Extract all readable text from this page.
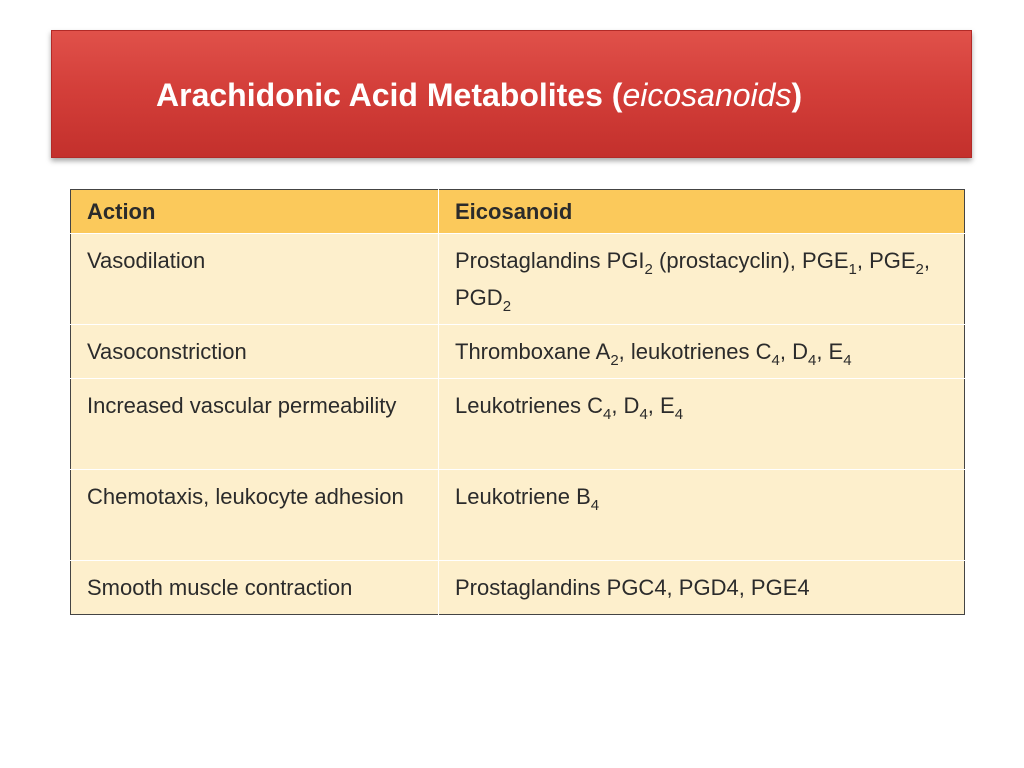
Arachidonic Acid Metabolites (eicosanoids)
Action	Eicosanoid
Vasodilation	Prostaglandins $PGI_2$ (prostacyclin), $PGE_1$, $PGE_2$, $PGD_2$
Vasoconstriction	Thromboxane $A_2$, leukotrienes $C_4$, $D_4$, $E_4$
Increased vascular permeability	Leukotrienes $C_4$, $D_4$, $E_4$
Chemotaxis, leukocyte adhesion	Leukotriene $B_4$
Smooth muscle contraction	Prostaglandins PGC4, PGD4, PGE4
